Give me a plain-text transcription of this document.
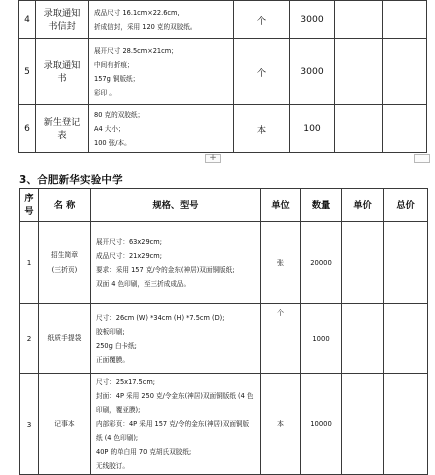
4	录取通知书信封	成品尺寸 16.1cm×22.6cm,
折成信封，采用 120 克的双胶纸。	个	3000		
5	录取通知书	展开尺寸 28.5cm×21cm；
中间有折痕；
157g 铜版纸；
彩印 。	个	3000		
6	新生登记表	80 克的双胶纸；
A4 大小；
100 张/本。	本	100		
+
3、合肥新华实验中学
序号	名 称	规格、型号	单位	数量	单价	总价
1	招生简章
(三折页)	展开尺寸：63x29cm;
成品尺寸：21x29cm;
要求：采用 157 克/令的金东(神居)双面铜版纸;
双面 4 色印刷，至三折成成品。	张	20000		
2	纸质手提袋	尺寸：26cm (W) *34cm (H) *7.5cm (D);
胶板印刷;
250g 白卡纸;
正面覆膜。	个	1000		
3	记事本	尺寸：25x17.5cm;
封面：4P 采用 250 克/令金东(神居)双面铜版纸 (4 色印刷，覆亚膜);
内部彩页：4P 采用 157 克/令的金东(神居)双面铜版纸 (4 色印刷);
40P 的单白用 70 克胡氏双胶纸;
无线胶订。	本	10000		
